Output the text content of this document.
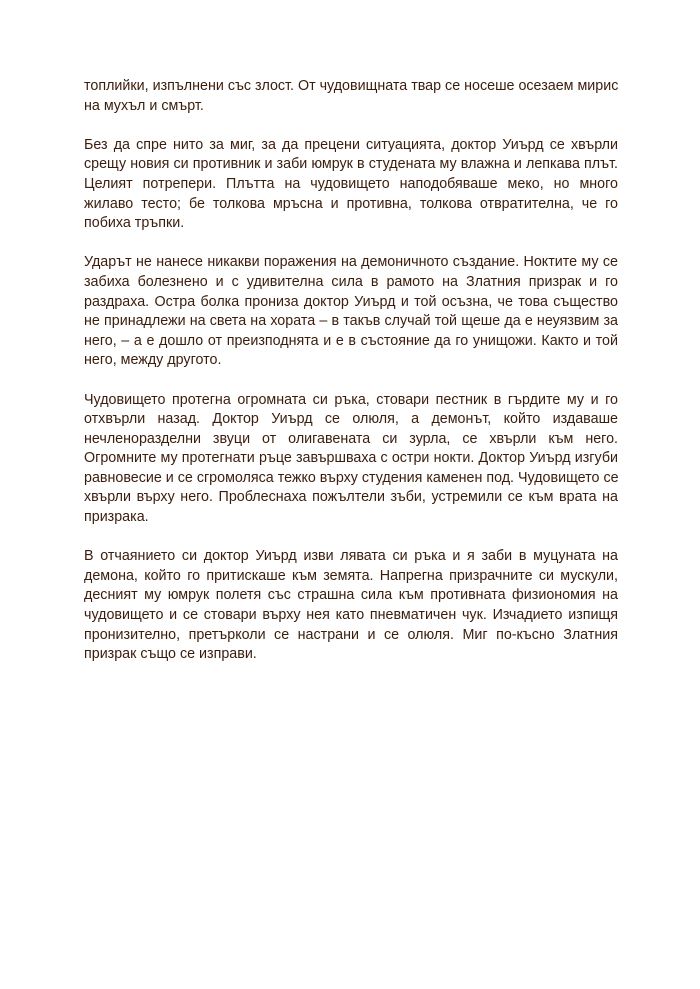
топлийки, изпълнени със злост. От чудовищната твар се носеше осезаем мирис
на мухъл и смърт.

Без да спре нито за миг, за да прецени ситуацията, доктор Уиърд се хвърли
срещу новия си противник и заби юмрук в студената му влажна и лепкава плът.
Целият потрепери. Плътта на чудовището наподобяваше меко, но много
жилаво тесто; бе толкова мръсна и противна, толкова отвратителна, че го
побиха тръпки.

Ударът не нанесе никакви поражения на демоничното създание. Ноктите му се
забиха болезнено и с удивителна сила в рамото на Златния призрак и го
раздраха. Остра болка прониза доктор Уиърд и той осъзна, че това същество
не принадлежи на света на хората – в такъв случай той щеше да е неуязвим за
него, – а е дошло от преизподнята и е в състояние да го унищожи. Както и той
него, между другото.

Чудовището протегна огромната си ръка, стовари пестник в гърдите му и го
отхвърли назад. Доктор Уиърд се олюля, а демонът, който издаваше
нечленоразделни звуци от олигавената си зурла, се хвърли към него.
Огромните му протегнати ръце завършваха с остри нокти. Доктор Уиърд изгуби
равновесие и се сгромоляса тежко върху студения каменен под. Чудовището се
хвърли върху него. Проблеснаха пожълтели зъби, устремили се към врата на
призрака.

В отчаянието си доктор Уиърд изви лявата си ръка и я заби в муцуната на
демона, който го притискаше към земята. Напрегна призрачните си мускули,
десният му юмрук полетя със страшна сила към противната физиономия на
чудовището и се стовари върху нея като пневматичен чук. Изчадието изпищя
пронизително, претърколи се настрани и се олюля. Миг по-късно Златния
призрак също се изправи.
